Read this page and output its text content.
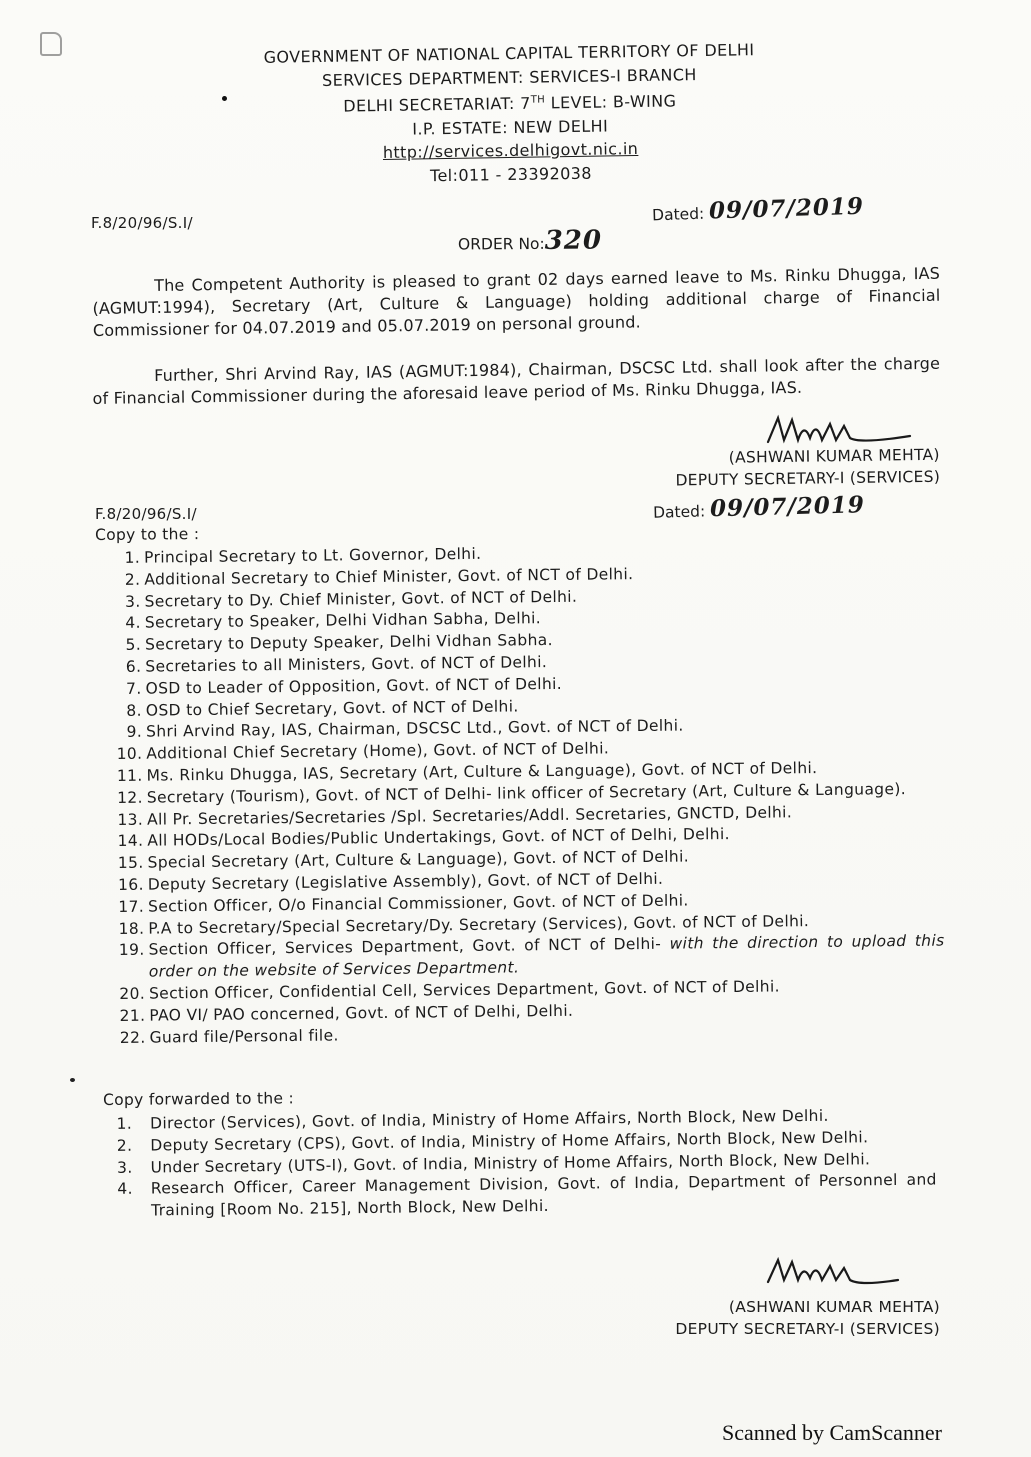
GOVERNMENT OF NATIONAL CAPITAL TERRITORY OF DELHI
SERVICES DEPARTMENT: SERVICES-I BRANCH
DELHI SECRETARIAT: 7TH LEVEL: B-WING
I.P. ESTATE: NEW DELHI
http://services.delhigovt.nic.in
Tel:011 - 23392038
F.8/20/96/S.I/	Dated: 09/07/2019
ORDER No:320
The Competent Authority is pleased to grant 02 days earned leave to Ms. Rinku Dhugga, IAS (AGMUT:1994), Secretary (Art, Culture & Language) holding additional charge of Financial Commissioner for 04.07.2019 and 05.07.2019 on personal ground.
Further, Shri Arvind Ray, IAS (AGMUT:1984), Chairman, DSCSC Ltd. shall look after the charge of Financial Commissioner during the aforesaid leave period of Ms. Rinku Dhugga, IAS.
(ASHWANI KUMAR MEHTA)
DEPUTY SECRETARY-I (SERVICES)
F.8/20/96/S.I/	Dated: 09/07/2019
Copy to the :
1. Principal Secretary to Lt. Governor, Delhi.
2. Additional Secretary to Chief Minister, Govt. of NCT of Delhi.
3. Secretary to Dy. Chief Minister, Govt. of NCT of Delhi.
4. Secretary to Speaker, Delhi Vidhan Sabha, Delhi.
5. Secretary to Deputy Speaker, Delhi Vidhan Sabha.
6. Secretaries to all Ministers, Govt. of NCT of Delhi.
7. OSD to Leader of Opposition, Govt. of NCT of Delhi.
8. OSD to Chief Secretary, Govt. of NCT of Delhi.
9. Shri Arvind Ray, IAS, Chairman, DSCSC Ltd., Govt. of NCT of Delhi.
10. Additional Chief Secretary (Home), Govt. of NCT of Delhi.
11. Ms. Rinku Dhugga, IAS, Secretary (Art, Culture & Language), Govt. of NCT of Delhi.
12. Secretary (Tourism), Govt. of NCT of Delhi- link officer of Secretary (Art, Culture & Language).
13. All Pr. Secretaries/Secretaries /Spl. Secretaries/Addl. Secretaries, GNCTD, Delhi.
14. All HODs/Local Bodies/Public Undertakings, Govt. of NCT of Delhi, Delhi.
15. Special Secretary (Art, Culture & Language), Govt. of NCT of Delhi.
16. Deputy Secretary (Legislative Assembly), Govt. of NCT of Delhi.
17. Section Officer, O/o Financial Commissioner, Govt. of NCT of Delhi.
18. P.A to Secretary/Special Secretary/Dy. Secretary (Services), Govt. of NCT of Delhi.
19. Section Officer, Services Department, Govt. of NCT of Delhi- with the direction to upload this order on the website of Services Department.
20. Section Officer, Confidential Cell, Services Department, Govt. of NCT of Delhi.
21. PAO VI/ PAO concerned, Govt. of NCT of Delhi, Delhi.
22. Guard file/Personal file.
Copy forwarded to the :
1. Director (Services), Govt. of India, Ministry of Home Affairs, North Block, New Delhi.
2. Deputy Secretary (CPS), Govt. of India, Ministry of Home Affairs, North Block, New Delhi.
3. Under Secretary (UTS-I), Govt. of India, Ministry of Home Affairs, North Block, New Delhi.
4. Research Officer, Career Management Division, Govt. of India, Department of Personnel and Training [Room No. 215], North Block, New Delhi.
(ASHWANI KUMAR MEHTA)
DEPUTY SECRETARY-I (SERVICES)
Scanned by CamScanner
